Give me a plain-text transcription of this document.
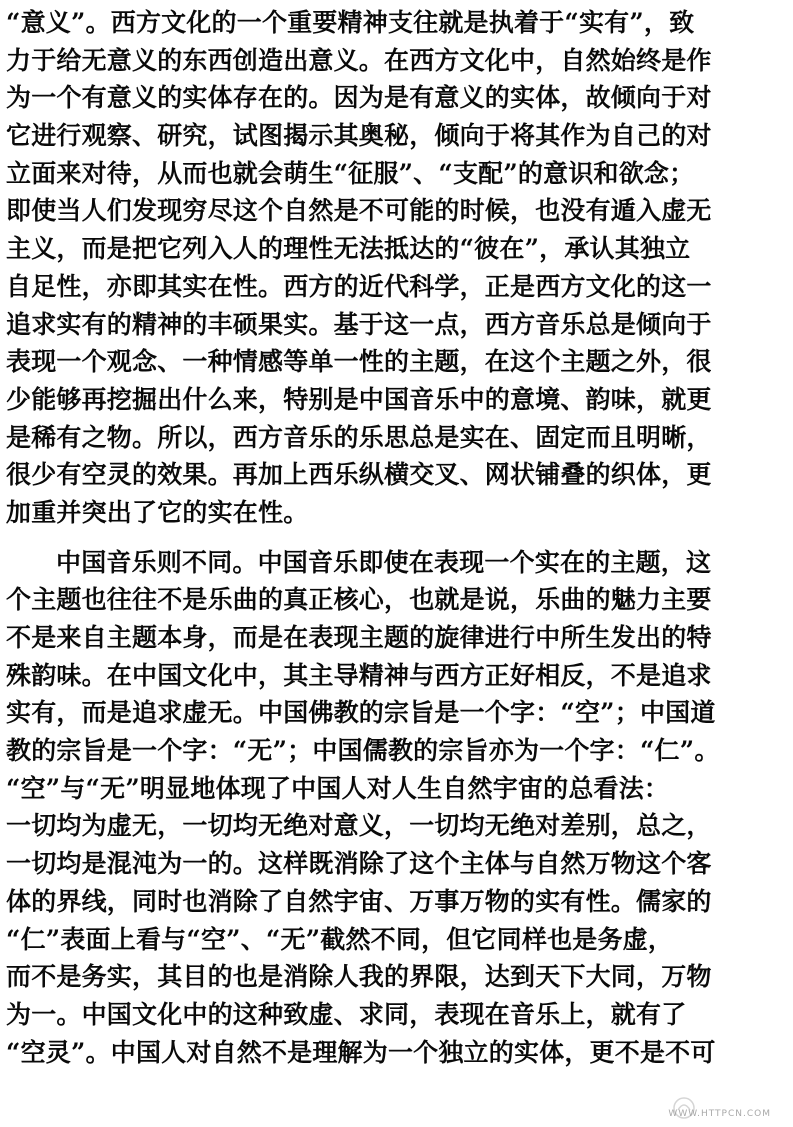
“意义”。西方文化的一个重要精神支往就是执着于“实有”，致
力于给无意义的东西创造出意义。在西方文化中，自然始终是作
为一个有意义的实体存在的。因为是有意义的实体，故倾向于对
它进行观察、研究，试图揭示其奥秘，倾向于将其作为自己的对
立面来对待，从而也就会萌生“征服”、“支配”的意识和欲念；
即使当人们发现穷尽这个自然是不可能的时候，也没有遁入虚无
主义，而是把它列入人的理性无法抵达的“彼在”，承认其独立
自足性，亦即其实在性。西方的近代科学，正是西方文化的这一
追求实有的精神的丰硕果实。基于这一点，西方音乐总是倾向于
表现一个观念、一种情感等单一性的主题，在这个主题之外，很
少能够再挖掘出什么来，特别是中国音乐中的意境、韵味，就更
是稀有之物。所以，西方音乐的乐思总是实在、固定而且明晰，
很少有空灵的效果。再加上西乐纵横交叉、网状铺叠的织体，更
加重并突出了它的实在性。
中国音乐则不同。中国音乐即使在表现一个实在的主题，这
个主题也往往不是乐曲的真正核心，也就是说，乐曲的魅力主要
不是来自主题本身，而是在表现主题的旋律进行中所生发出的特
殊韵味。在中国文化中，其主导精神与西方正好相反，不是追求
实有，而是追求虚无。中国佛教的宗旨是一个字：“空”；中国道
教的宗旨是一个字：“无”；中国儒教的宗旨亦为一个字：“仁”。
“空”与“无”明显地体现了中国人对人生自然宇宙的总看法：
一切均为虚无，一切均无绝对意义，一切均无绝对差别，总之，
一切均是混沌为一的。这样既消除了这个主体与自然万物这个客
体的界线，同时也消除了自然宇宙、万事万物的实有性。儒家的
“仁”表面上看与“空”、“无”截然不同，但它同样也是务虚，
而不是务实，其目的也是消除人我的界限，达到天下大同，万物
为一。中国文化中的这种致虚、求同，表现在音乐上，就有了
“空灵”。中国人对自然不是理解为一个独立的实体，更不是不可
WWW.HTTPCN.COM
